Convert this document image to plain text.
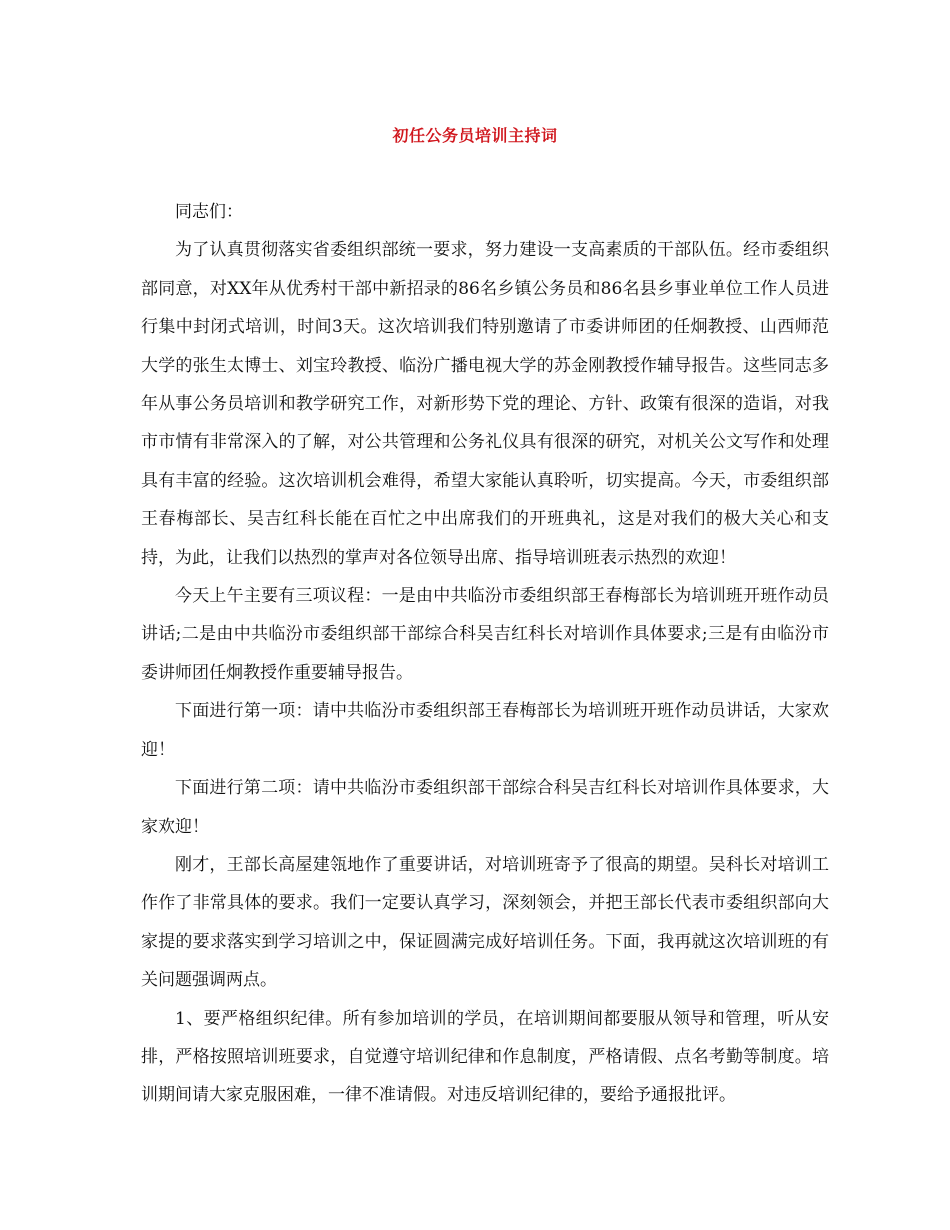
初任公务员培训主持词

同志们：

为了认真贯彻落实省委组织部统一要求，努力建设一支高素质的干部队伍。经市委组织部同意，对XX年从优秀村干部中新招录的86名乡镇公务员和86名县乡事业单位工作人员进行集中封闭式培训，时间3天。这次培训我们特别邀请了市委讲师团的任炯教授、山西师范大学的张生太博士、刘宝玲教授、临汾广播电视大学的苏金刚教授作辅导报告。这些同志多年从事公务员培训和教学研究工作，对新形势下党的理论、方针、政策有很深的造诣，对我市市情有非常深入的了解，对公共管理和公务礼仪具有很深的研究，对机关公文写作和处理具有丰富的经验。这次培训机会难得，希望大家能认真聆听，切实提高。今天，市委组织部王春梅部长、吴吉红科长能在百忙之中出席我们的开班典礼，这是对我们的极大关心和支持，为此，让我们以热烈的掌声对各位领导出席、指导培训班表示热烈的欢迎！

今天上午主要有三项议程：一是由中共临汾市委组织部王春梅部长为培训班开班作动员讲话;二是由中共临汾市委组织部干部综合科吴吉红科长对培训作具体要求;三是有由临汾市委讲师团任炯教授作重要辅导报告。

下面进行第一项：请中共临汾市委组织部王春梅部长为培训班开班作动员讲话，大家欢迎！

下面进行第二项：请中共临汾市委组织部干部综合科吴吉红科长对培训作具体要求，大家欢迎！

刚才，王部长高屋建瓴地作了重要讲话，对培训班寄予了很高的期望。吴科长对培训工作作了非常具体的要求。我们一定要认真学习，深刻领会，并把王部长代表市委组织部向大家提的要求落实到学习培训之中，保证圆满完成好培训任务。下面，我再就这次培训班的有关问题强调两点。

1、要严格组织纪律。所有参加培训的学员，在培训期间都要服从领导和管理，听从安排，严格按照培训班要求，自觉遵守培训纪律和作息制度，严格请假、点名考勤等制度。培训期间请大家克服困难，一律不准请假。对违反培训纪律的，要给予通报批评。
